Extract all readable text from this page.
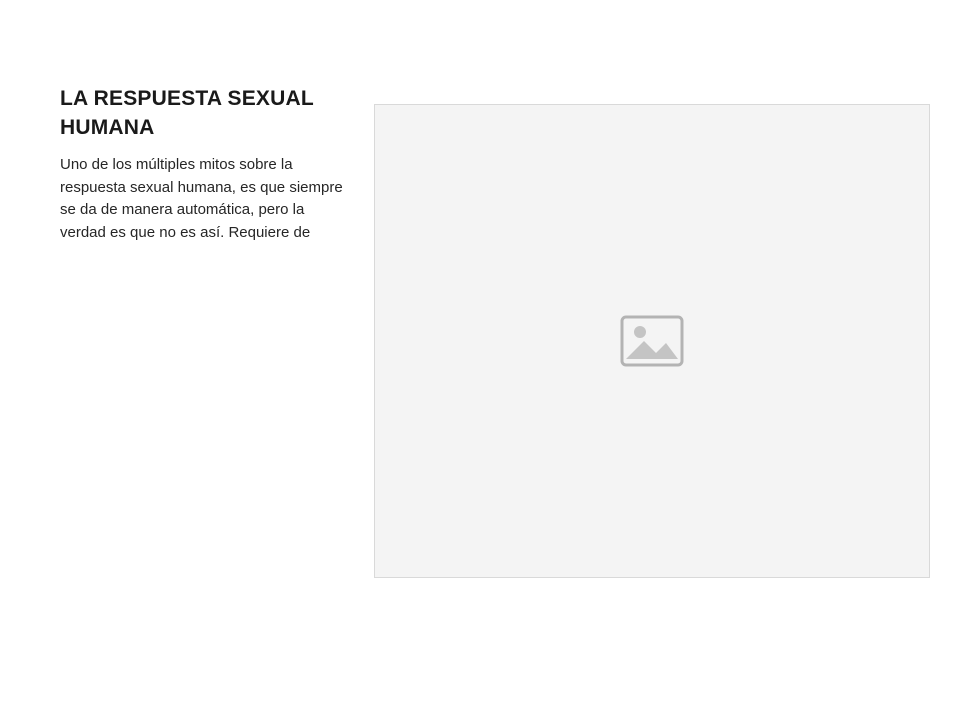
LA RESPUESTA SEXUAL HUMANA

Uno de los múltiples mitos sobre la respuesta sexual humana, es que siempre se da de manera automática, pero la verdad es que no es así. Requiere de
